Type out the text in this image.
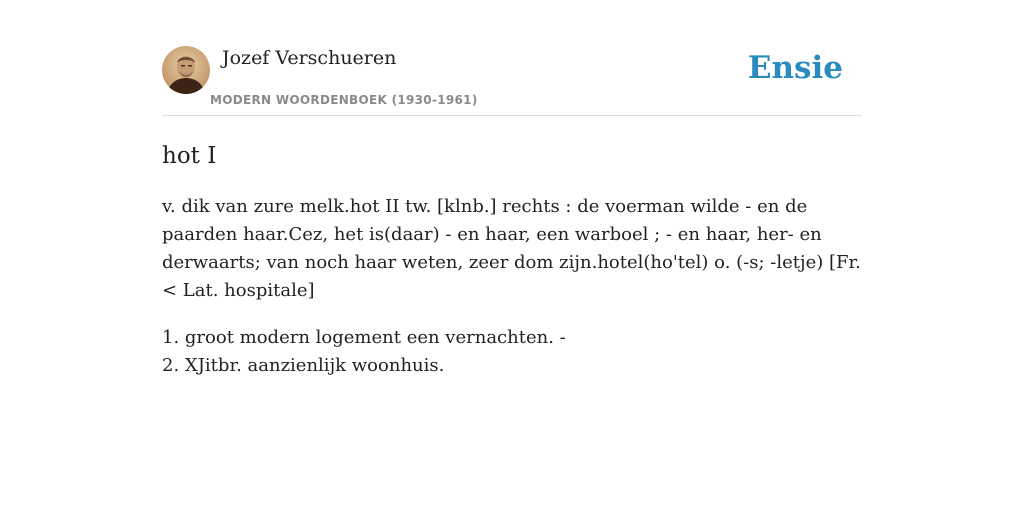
Jozef Verschueren
MODERN WOORDENBOEK (1930-1961)
Ensie
hot I

v. dik van zure melk.hot II tw. [klnb.] rechts : de voerman wilde - en de paarden haar.Cez, het is(daar) - en haar, een warboel ; - en haar, her- en derwaarts; van noch haar weten, zeer dom zijn.hotel(ho'tel) o. (-s; -letje) [Fr. < Lat. hospitale]

1. groot modern logement een vernachten. -
2. XJitbr. aanzienlijk woonhuis.
